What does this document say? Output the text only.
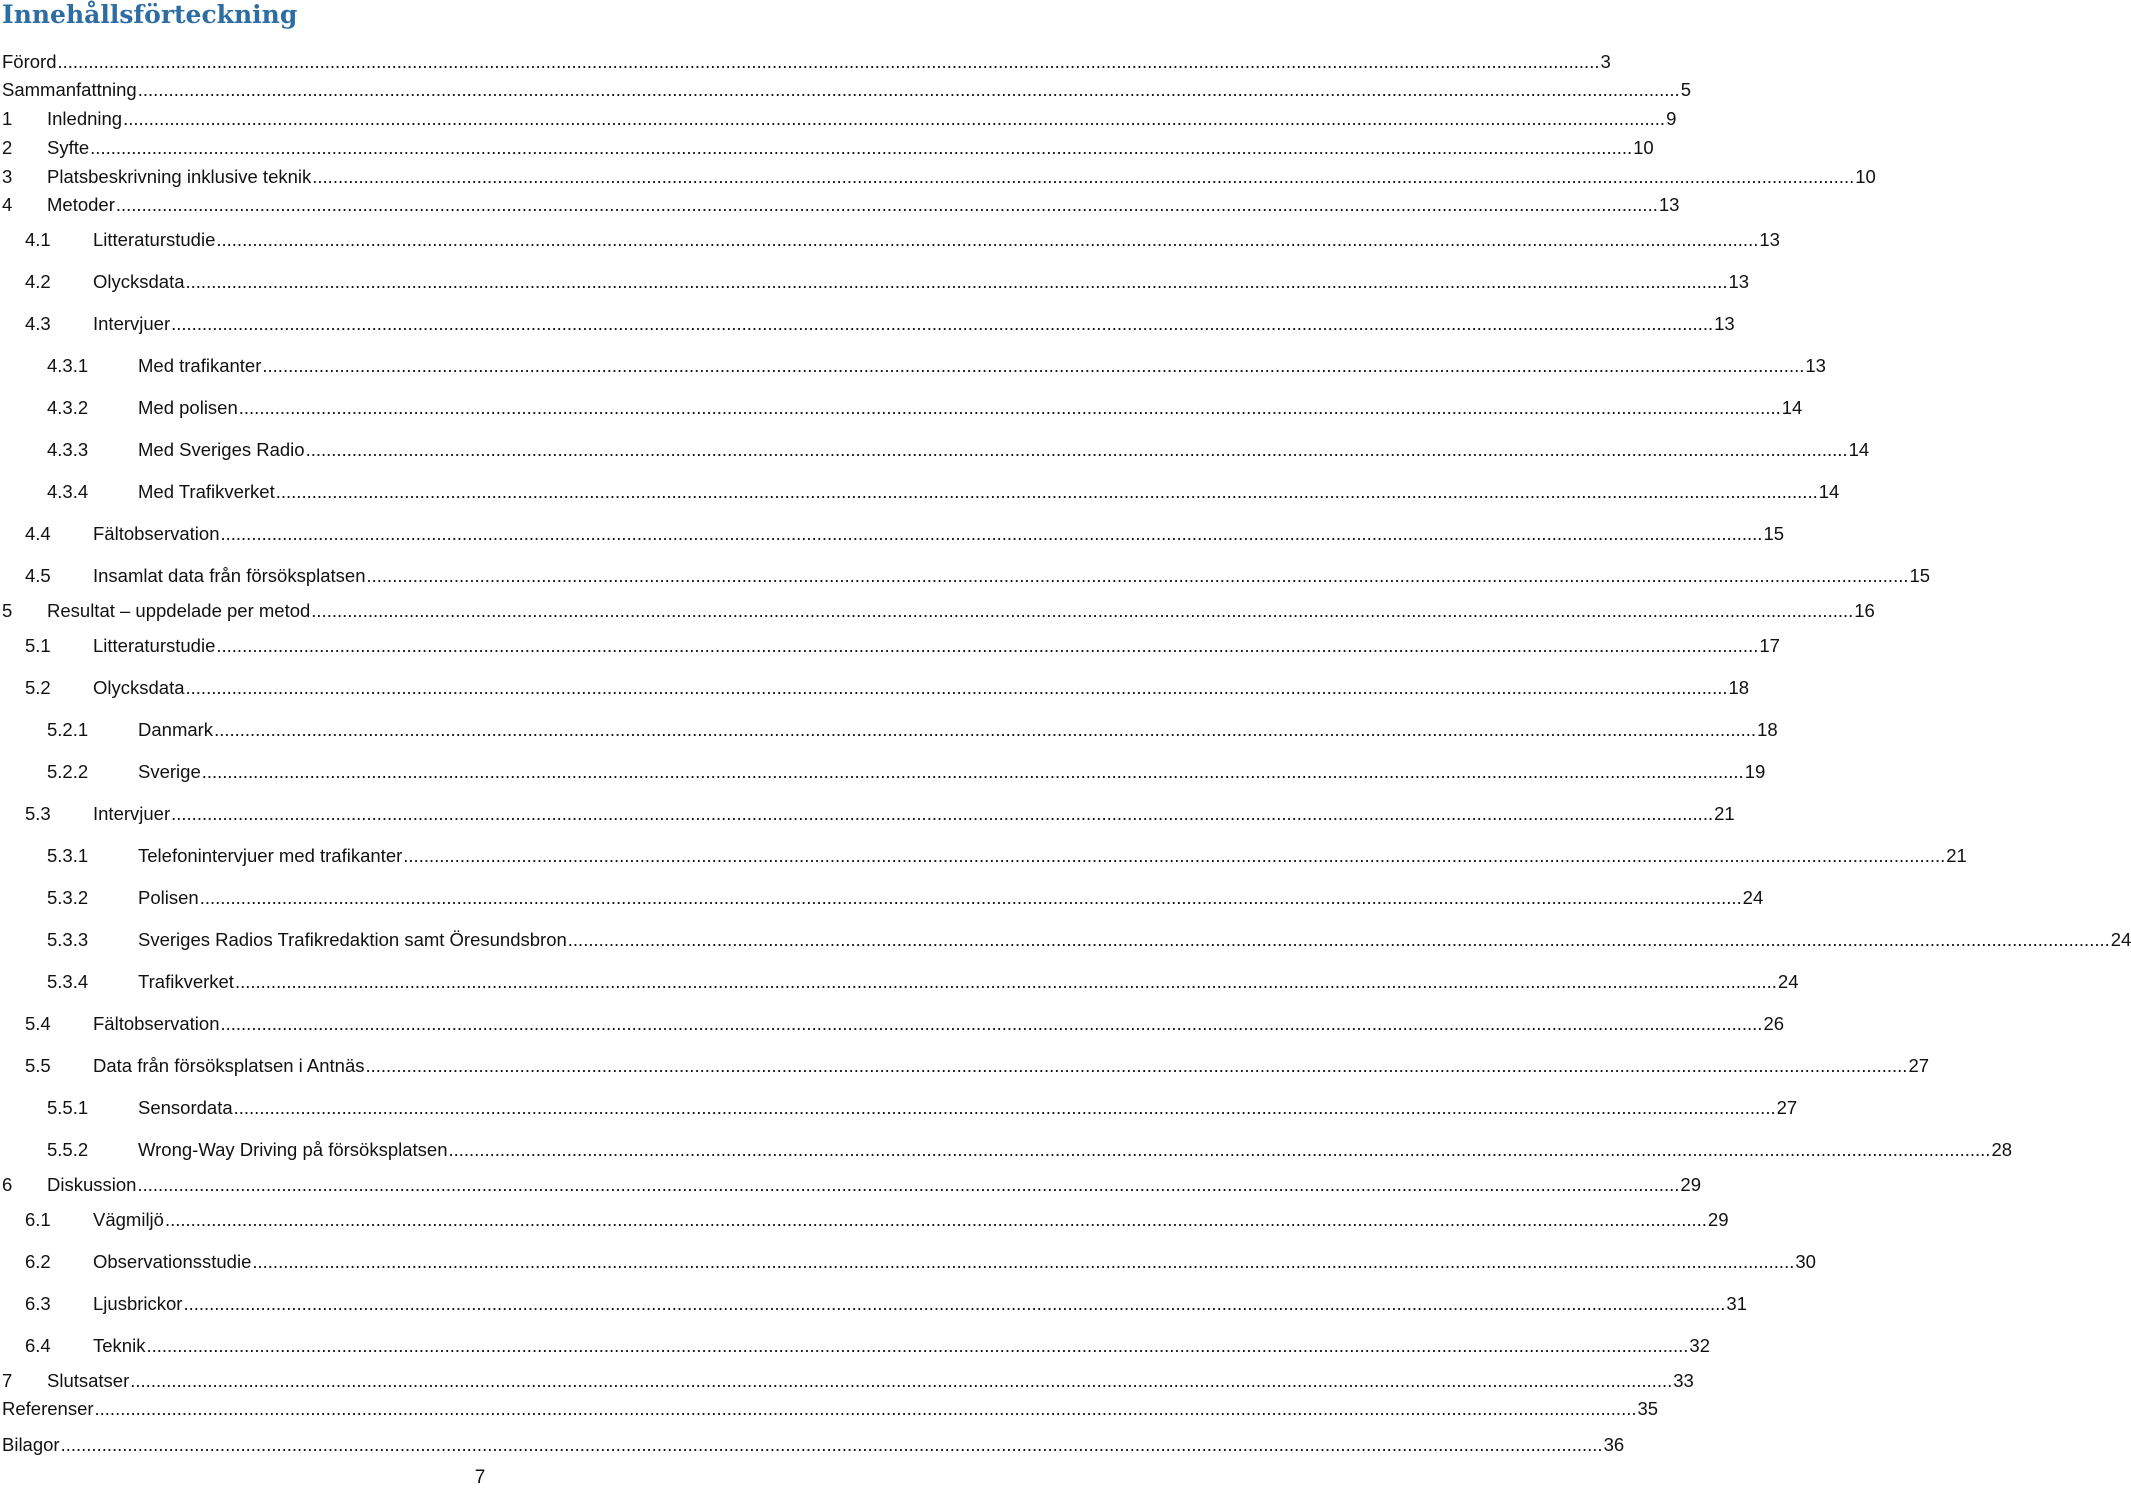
Innehållsförteckning
Förord ............................................................................................................................................................................................................................................................................................................ 3
Sammanfattning ............................................................................................................................................................................................................................................................................................................ 5
1	Inledning ............................................................................................................................................................................................................................................................................................................ 9
2	Syfte ............................................................................................................................................................................................................................................................................................................ 10
3	Platsbeskrivning inklusive teknik ............................................................................................................................................................................................................................................................................................................ 10
4	Metoder ............................................................................................................................................................................................................................................................................................................ 13
4.1	Litteraturstudie ............................................................................................................................................................................................................................................................................................................ 13
4.2	Olycksdata ............................................................................................................................................................................................................................................................................................................ 13
4.3	Intervjuer ............................................................................................................................................................................................................................................................................................................ 13
4.3.1	Med trafikanter ............................................................................................................................................................................................................................................................................................................ 13
4.3.2	Med polisen ............................................................................................................................................................................................................................................................................................................ 14
4.3.3	Med Sveriges Radio ............................................................................................................................................................................................................................................................................................................ 14
4.3.4	Med Trafikverket ............................................................................................................................................................................................................................................................................................................ 14
4.4	Fältobservation ............................................................................................................................................................................................................................................................................................................ 15
4.5	Insamlat data från försöksplatsen ............................................................................................................................................................................................................................................................................................................ 15
5	Resultat – uppdelade per metod ............................................................................................................................................................................................................................................................................................................ 16
5.1	Litteraturstudie ............................................................................................................................................................................................................................................................................................................ 17
5.2	Olycksdata ............................................................................................................................................................................................................................................................................................................ 18
5.2.1	Danmark ............................................................................................................................................................................................................................................................................................................ 18
5.2.2	Sverige ............................................................................................................................................................................................................................................................................................................ 19
5.3	Intervjuer ............................................................................................................................................................................................................................................................................................................ 21
5.3.1	Telefonintervjuer med trafikanter ............................................................................................................................................................................................................................................................................................................ 21
5.3.2	Polisen ............................................................................................................................................................................................................................................................................................................ 24
5.3.3	Sveriges Radios Trafikredaktion samt Öresundsbron ............................................................................................................................................................................................................................................................................................................ 24
5.3.4	Trafikverket ............................................................................................................................................................................................................................................................................................................ 24
5.4	Fältobservation ............................................................................................................................................................................................................................................................................................................ 26
5.5	Data från försöksplatsen i Antnäs ............................................................................................................................................................................................................................................................................................................ 27
5.5.1	Sensordata ............................................................................................................................................................................................................................................................................................................ 27
5.5.2	Wrong-Way Driving på försöksplatsen ............................................................................................................................................................................................................................................................................................................ 28
6	Diskussion ............................................................................................................................................................................................................................................................................................................ 29
6.1	Vägmiljö ............................................................................................................................................................................................................................................................................................................ 29
6.2	Observationsstudie ............................................................................................................................................................................................................................................................................................................ 30
6.3	Ljusbrickor ............................................................................................................................................................................................................................................................................................................ 31
6.4	Teknik ............................................................................................................................................................................................................................................................................................................ 32
7	Slutsatser ............................................................................................................................................................................................................................................................................................................ 33
Referenser ............................................................................................................................................................................................................................................................................................................ 35
Bilagor ............................................................................................................................................................................................................................................................................................................ 36
7
